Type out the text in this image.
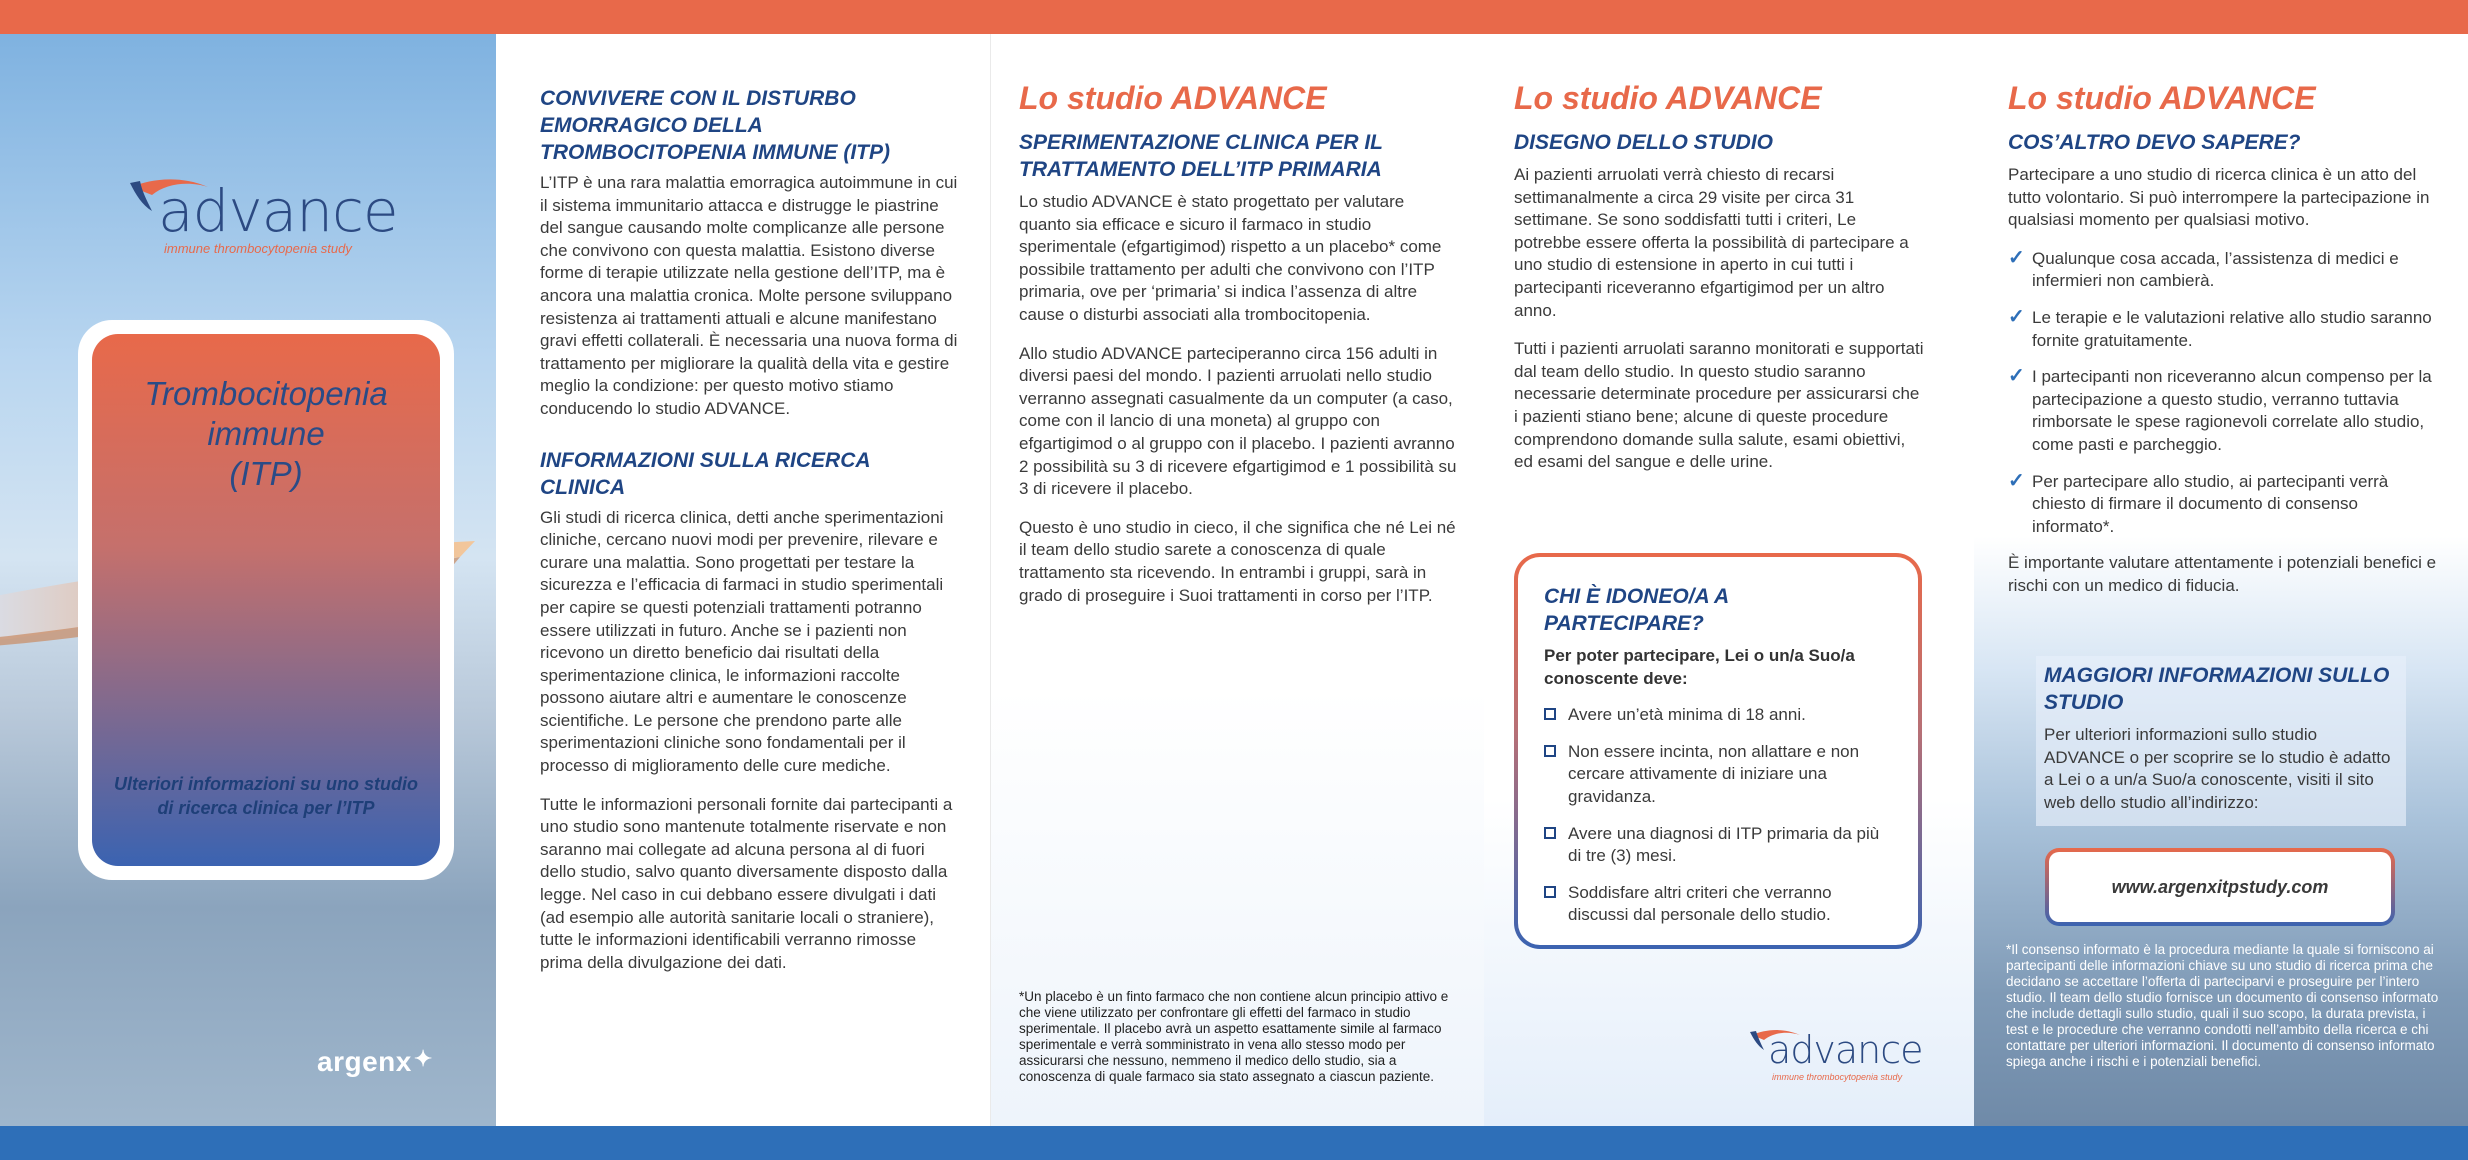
advance
immune thrombocytopenia study
Trombocitopenia
immune
(ITP)
Ulteriori informazioni su uno studio di ricerca clinica per l’ITP
argenx✦
CONVIVERE CON IL DISTURBO EMORRAGICO DELLA TROMBOCITOPENIA IMMUNE (ITP)

L’ITP è una rara malattia emorragica autoimmune in cui il sistema immunitario attacca e distrugge le piastrine del sangue causando molte complicanze alle persone che convivono con questa malattia. Esistono diverse forme di terapie utilizzate nella gestione dell’ITP, ma è ancora una malattia cronica. Molte persone sviluppano resistenza ai trattamenti attuali e alcune manifestano gravi effetti collaterali. È necessaria una nuova forma di trattamento per migliorare la qualità della vita e gestire meglio la condizione: per questo motivo stiamo conducendo lo studio ADVANCE.

INFORMAZIONI SULLA RICERCA CLINICA

Gli studi di ricerca clinica, detti anche sperimentazioni cliniche, cercano nuovi modi per prevenire, rilevare e curare una malattia. Sono progettati per testare la sicurezza e l’efficacia di farmaci in studio sperimentali per capire se questi potenziali trattamenti potranno essere utilizzati in futuro. Anche se i pazienti non ricevono un diretto beneficio dai risultati della sperimentazione clinica, le informazioni raccolte possono aiutare altri e aumentare le conoscenze scientifiche. Le persone che prendono parte alle sperimentazioni cliniche sono fondamentali per il processo di miglioramento delle cure mediche.

Tutte le informazioni personali fornite dai partecipanti a uno studio sono mantenute totalmente riservate e non saranno mai collegate ad alcuna persona al di fuori dello studio, salvo quanto diversamente disposto dalla legge. Nel caso in cui debbano essere divulgati i dati (ad esempio alle autorità sanitarie locali o straniere), tutte le informazioni identificabili verranno rimosse prima della divulgazione dei dati.

Lo studio ADVANCE
SPERIMENTAZIONE CLINICA PER IL TRATTAMENTO DELL’ITP PRIMARIA

Lo studio ADVANCE è stato progettato per valutare quanto sia efficace e sicuro il farmaco in studio sperimentale (efgartigimod) rispetto a un placebo* come possibile trattamento per adulti che convivono con l’ITP primaria, ove per ‘primaria’ si indica l’assenza di altre cause o disturbi associati alla trombocitopenia.

Allo studio ADVANCE parteciperanno circa 156 adulti in diversi paesi del mondo. I pazienti arruolati nello studio verranno assegnati casualmente da un computer (a caso, come con il lancio di una moneta) al gruppo con efgartigimod o al gruppo con il placebo. I pazienti avranno 2 possibilità su 3 di ricevere efgartigimod e 1 possibilità su 3 di ricevere il placebo.

Questo è uno studio in cieco, il che significa che né Lei né il team dello studio sarete a conoscenza di quale trattamento sta ricevendo. In entrambi i gruppi, sarà in grado di proseguire i Suoi trattamenti in corso per l’ITP.

*Un placebo è un finto farmaco che non contiene alcun principio attivo e che viene utilizzato per confrontare gli effetti del farmaco in studio sperimentale. Il placebo avrà un aspetto esattamente simile al farmaco sperimentale e verrà somministrato in vena allo stesso modo per assicurarsi che nessuno, nemmeno il medico dello studio, sia a conoscenza di quale farmaco sia stato assegnato a ciascun paziente.

Lo studio ADVANCE
DISEGNO DELLO STUDIO

Ai pazienti arruolati verrà chiesto di recarsi settimanalmente a circa 29 visite per circa 31 settimane. Se sono soddisfatti tutti i criteri, Le potrebbe essere offerta la possibilità di partecipare a uno studio di estensione in aperto in cui tutti i partecipanti riceveranno efgartigimod per un altro anno.

Tutti i pazienti arruolati saranno monitorati e supportati dal team dello studio. In questo studio saranno necessarie determinate procedure per assicurarsi che i pazienti stiano bene; alcune di queste procedure comprendono domande sulla salute, esami obiettivi, ed esami del sangue e delle urine.

advance
immune thrombocytopenia study
CHI È IDONEO/A A PARTECIPARE?

Per poter partecipare, Lei o un/a Suo/a conoscente deve:

Avere un’età minima di 18 anni.
Non essere incinta, non allattare e non cercare attivamente di iniziare una gravidanza.
Avere una diagnosi di ITP primaria da più di tre (3) mesi.
Soddisfare altri criteri che verranno discussi dal personale dello studio.
Lo studio ADVANCE
COS’ALTRO DEVO SAPERE?

Partecipare a uno studio di ricerca clinica è un atto del tutto volontario. Si può interrompere la partecipazione in qualsiasi momento per qualsiasi motivo.

✓ Qualunque cosa accada, l’assistenza di medici e infermieri non cambierà.
✓ Le terapie e le valutazioni relative allo studio saranno fornite gratuitamente.
✓ I partecipanti non riceveranno alcun compenso per la partecipazione a questo studio, verranno tuttavia rimborsate le spese ragionevoli correlate allo studio, come pasti e parcheggio.
✓ Per partecipare allo studio, ai partecipanti verrà chiesto di firmare il documento di consenso informato*.

È importante valutare attentamente i potenziali benefici e rischi con un medico di fiducia.

*Il consenso informato è la procedura mediante la quale si forniscono ai partecipanti delle informazioni chiave su uno studio di ricerca prima che decidano se accettare l’offerta di parteciparvi e proseguire per l’intero studio. Il team dello studio fornisce un documento di consenso informato che include dettagli sullo studio, quali il suo scopo, la durata prevista, i test e le procedure che verranno condotti nell’ambito della ricerca e chi contattare per ulteriori informazioni. Il documento di consenso informato spiega anche i rischi e i potenziali benefici.

MAGGIORI INFORMAZIONI SULLO STUDIO

Per ulteriori informazioni sullo studio ADVANCE o per scoprire se lo studio è adatto a Lei o a un/a Suo/a conoscente, visiti il sito web dello studio all’indirizzo:

www.argenxitpstudy.com
